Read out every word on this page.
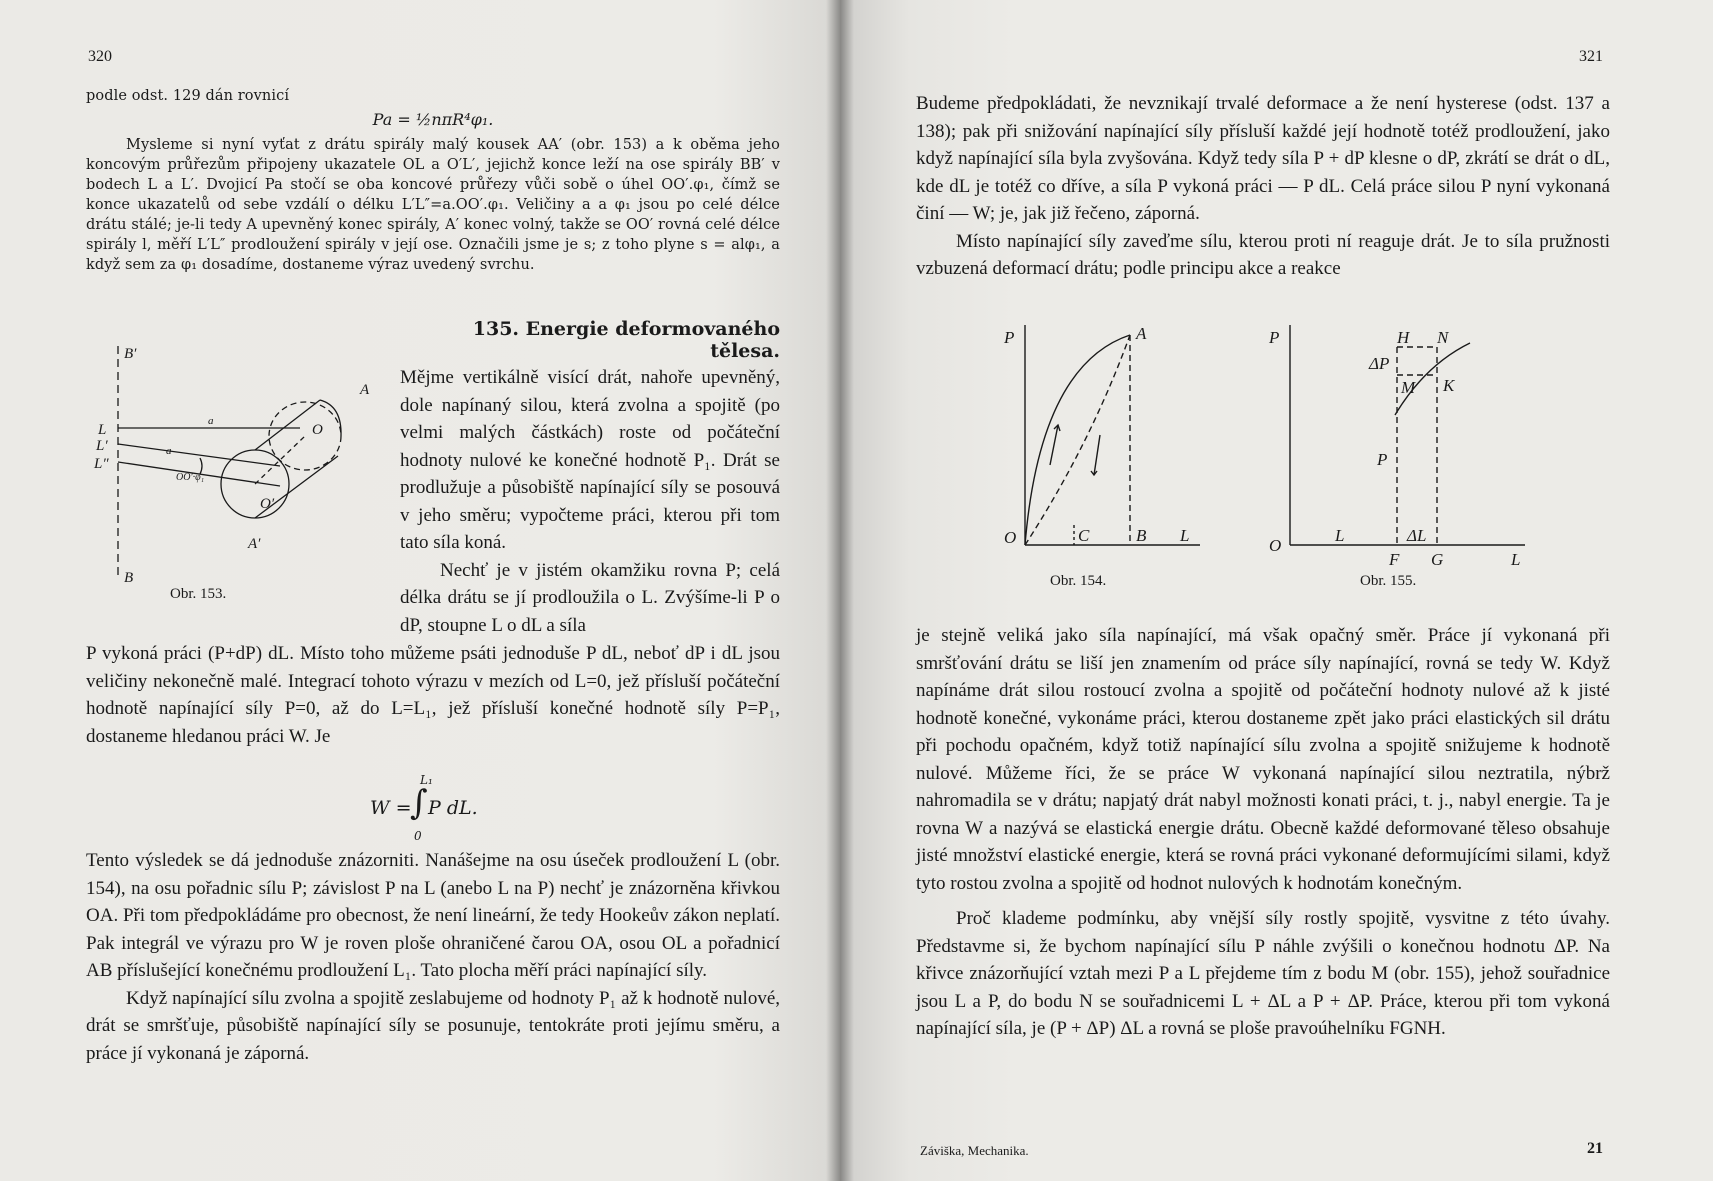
320
podle odst. 129 dán rovnicí
Pa = ½nπR⁴φ₁.
Mysleme si nyní vyťat z drátu spirály malý kousek AA′ (obr. 153) a k oběma jeho koncovým průřezům připojeny ukazatele OL a O′L′, jejichž konce leží na ose spirály BB′ v bodech L a L′. Dvojicí Pa stočí se oba koncové průřezy vůči sobě o úhel OO′.φ₁, čímž se konce ukazatelů od sebe vzdálí o délku L′L″=a.OO′.φ₁. Veličiny a a φ₁ jsou po celé délce drátu stálé; je-li tedy A upevněný konec spirály, A′ konec volný, takže se OO′ rovná celé délce spirály l, měří L′L″ prodloužení spirály v její ose. Označili jsme je s; z toho plyne s = alφ₁, a když sem za φ₁ dosadíme, dostaneme výraz uvedený svrchu.
B′
B
L
L′
L″
A
A′
O
O′
a
a
OO′·φ₁
Obr. 153.
135. Energie deformovaného tělesa.
Mějme vertikálně visící drát, nahoře upevněný, dole napínaný silou, která zvolna a spojitě (po velmi malých částkách) roste od počáteční hodnoty nulové ke konečné hodnotě P₁. Drát se prodlužuje a působiště napínající síly se posouvá v jeho směru; vypočteme práci, kterou při tom tato síla koná.
Nechť je v jistém okamžiku rovna P; celá délka drátu se jí prodloužila o L. Zvýšíme-li P o dP, stoupne L o dL a síla
P vykoná práci (P+dP) dL. Místo toho můžeme psáti jednoduše P dL, neboť dP i dL jsou veličiny nekonečně malé. Integrací tohoto výrazu v mezích od L=0, jež přísluší počáteční hodnotě napínající síly P=0, až do L=L₁, jež přísluší konečné hodnotě síly P=P₁, dostaneme hledanou práci W. Je
W =
L₁
∫
0
P dL.
Tento výsledek se dá jednoduše znázorniti. Nanášejme na osu úseček prodloužení L (obr. 154), na osu pořadnic sílu P; závislost P na L (anebo L na P) nechť je znázorněna křivkou OA. Při tom předpokládáme pro obecnost, že není lineární, že tedy Hookeův zákon neplatí. Pak integrál ve výrazu pro W je roven ploše ohraničené čarou OA, osou OL a pořadnicí AB příslušející konečnému prodloužení L₁. Tato plocha měří práci napínající síly.
Když napínající sílu zvolna a spojitě zeslabujeme od hodnoty P₁ až k hodnotě nulové, drát se smršťuje, působiště napínající síly se posunuje, tentokráte proti jejímu směru, a práce jí vykonaná je záporná.
321
Budeme předpokládati, že nevznikají trvalé deformace a že není hysterese (odst. 137 a 138); pak při snižování napínající síly přísluší každé její hodnotě totéž prodloužení, jako když napínající síla byla zvyšována. Když tedy síla P + dP klesne o dP, zkrátí se drát o dL, kde dL je totéž co dříve, a síla P vykoná práci — P dL. Celá práce silou P nyní vykonaná činí — W; je, jak již řečeno, záporná.
Místo napínající síly zaveďme sílu, kterou proti ní reaguje drát. Je to síla pružnosti vzbuzená deformací drátu; podle principu akce a reakce
P	A
O	C	B L
Obr. 154.
P	H N
ΔP
M K
P
O
L	ΔL
F G	L
Obr. 155.
je stejně veliká jako síla napínající, má však opačný směr. Práce jí vykonaná při smršťování drátu se liší jen znamením od práce síly napínající, rovná se tedy W. Když napínáme drát silou rostoucí zvolna a spojitě od počáteční hodnoty nulové až k jisté hodnotě konečné, vykonáme práci, kterou dostaneme zpět jako práci elastických sil drátu při pochodu opačném, když totiž napínající sílu zvolna a spojitě snižujeme k hodnotě nulové. Můžeme říci, že se práce W vykonaná napínající silou neztratila, nýbrž nahromadila se v drátu; napjatý drát nabyl možnosti konati práci, t. j., nabyl energie. Ta je rovna W a nazývá se elastická energie drátu. Obecně každé deformované těleso obsahuje jisté množství elastické energie, která se rovná práci vykonané deformujícími silami, když tyto rostou zvolna a spojitě od hodnot nulových k hodnotám konečným.
Proč klademe podmínku, aby vnější síly rostly spojitě, vysvitne z této úvahy. Představme si, že bychom napínající sílu P náhle zvýšili o konečnou hodnotu ΔP. Na křivce znázorňující vztah mezi P a L přejdeme tím z bodu M (obr. 155), jehož souřadnice jsou L a P, do bodu N se souřadnicemi L + ΔL a P + ΔP. Práce, kterou při tom vykoná napínající síla, je (P + ΔP) ΔL a rovná se ploše pravoúhelníku FGNH.
Záviška, Mechanika.	21
